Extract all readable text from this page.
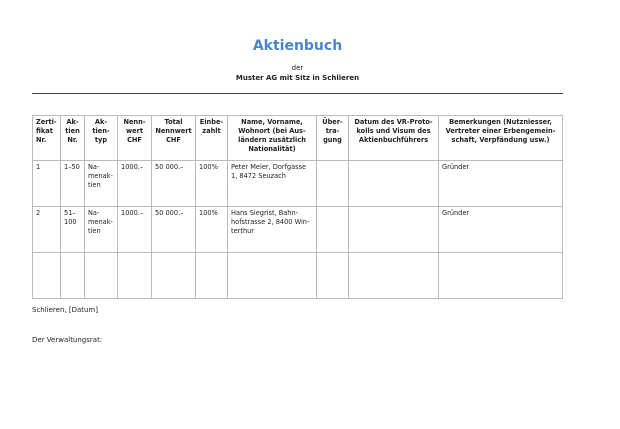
Aktienbuch
der
Muster AG mit Sitz in Schlieren
Zerti-fikat Nr.	Ak-tien Nr.	Ak-tien-typ	Nenn-wert CHF	Total Nennwert CHF	Einbe-zahlt	Name, Vorname, Wohnort (bei Aus-ländern zusätzlich Nationalität)	Über-tra-gung	Datum des VR-Proto-kolls und Visum des Aktienbuchführers	Bemerkungen (Nutzniesser, Vertreter einer Erbengemein-schaft, Verpfändung usw.)
1	1–50	Na-menak-tien	1000.–	50 000.–	100%	Peter Meier, Dorfgasse 1, 8472 Seuzach			Gründer
2	51–100	Na-menak-tien	1000.–	50 000.–	100%	Hans Siegrist, Bahn-hofstrasse 2, 8400 Win-terthur			Gründer

Schlieren, [Datum]
Der Verwaltungsrat:
